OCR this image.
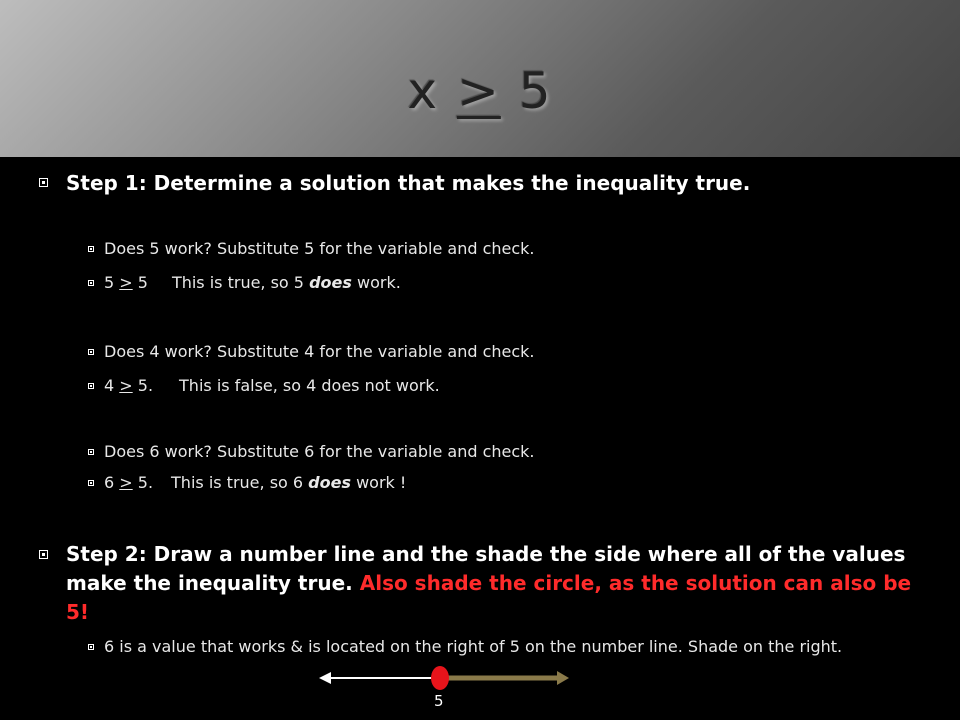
x > 5
Step 1: Determine a solution that makes the inequality true.
Does 5 work? Substitute 5 for the variable and check.
5 > 5 This is true, so 5 does work.
Does 4 work? Substitute 4 for the variable and check.
4 > 5. This is false, so 4 does not work.
Does 6 work? Substitute 6 for the variable and check.
6 > 5. This is true, so 6 does work !
Step 2: Draw a number line and the shade the side where all of the values make the inequality true. Also shade the circle, as the solution can also be 5!
6 is a value that works & is located on the right of 5 on the number line. Shade on the right.
5
